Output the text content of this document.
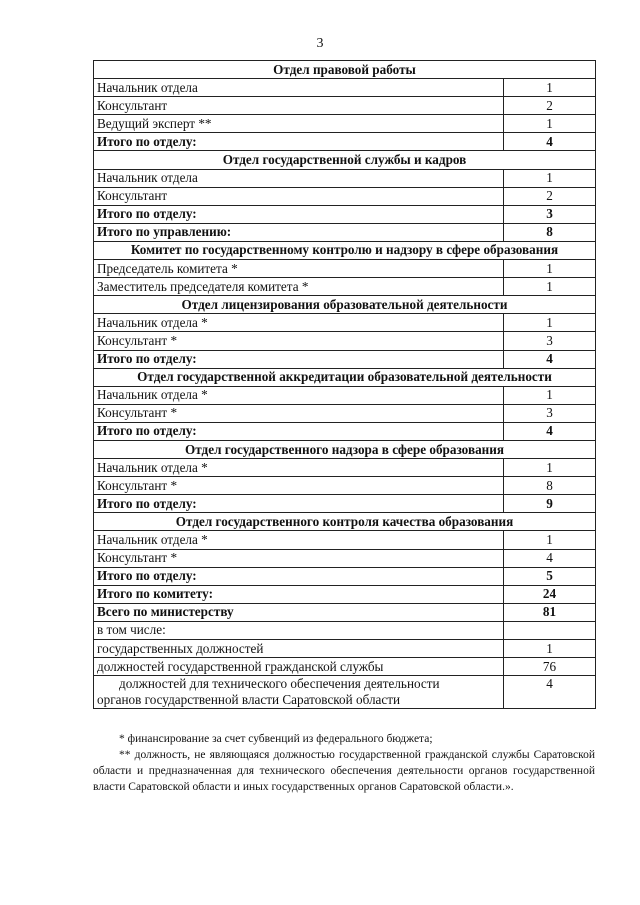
3
Отдел правовой работы	
Начальник отдела	1
Консультант	2
Ведущий эксперт **	1
Итого по отделу:	4
Отдел государственной службы и кадров	
Начальник отдела	1
Консультант	2
Итого по отделу:	3
Итого по управлению:	8
Комитет по государственному контролю и надзору в сфере образования	
Председатель комитета *	1
Заместитель председателя комитета *	1
Отдел лицензирования образовательной деятельности	
Начальник отдела *	1
Консультант *	3
Итого по отделу:	4
Отдел государственной аккредитации образовательной деятельности	
Начальник отдела *	1
Консультант *	3
Итого по отделу:	4
Отдел государственного надзора в сфере образования	
Начальник отдела *	1
Консультант *	8
Итого по отделу:	9
Отдел государственного контроля качества образования	
Начальник отдела *	1
Консультант *	4
Итого по отделу:	5
Итого по комитету:	24
Всего по министерству	81
в том числе:	
государственных должностей	1
должностей государственной гражданской службы	76

должностей для технического обеспечения деятельности
органов государственной власти Саратовской области	4

* финансирование за счет субвенций из федерального бюджета;

** должность, не являющаяся должностью государственной гражданской службы Саратовской области и предназначенная для технического обеспечения деятельности органов государственной власти Саратовской области и иных государственных органов Саратовской области.».
